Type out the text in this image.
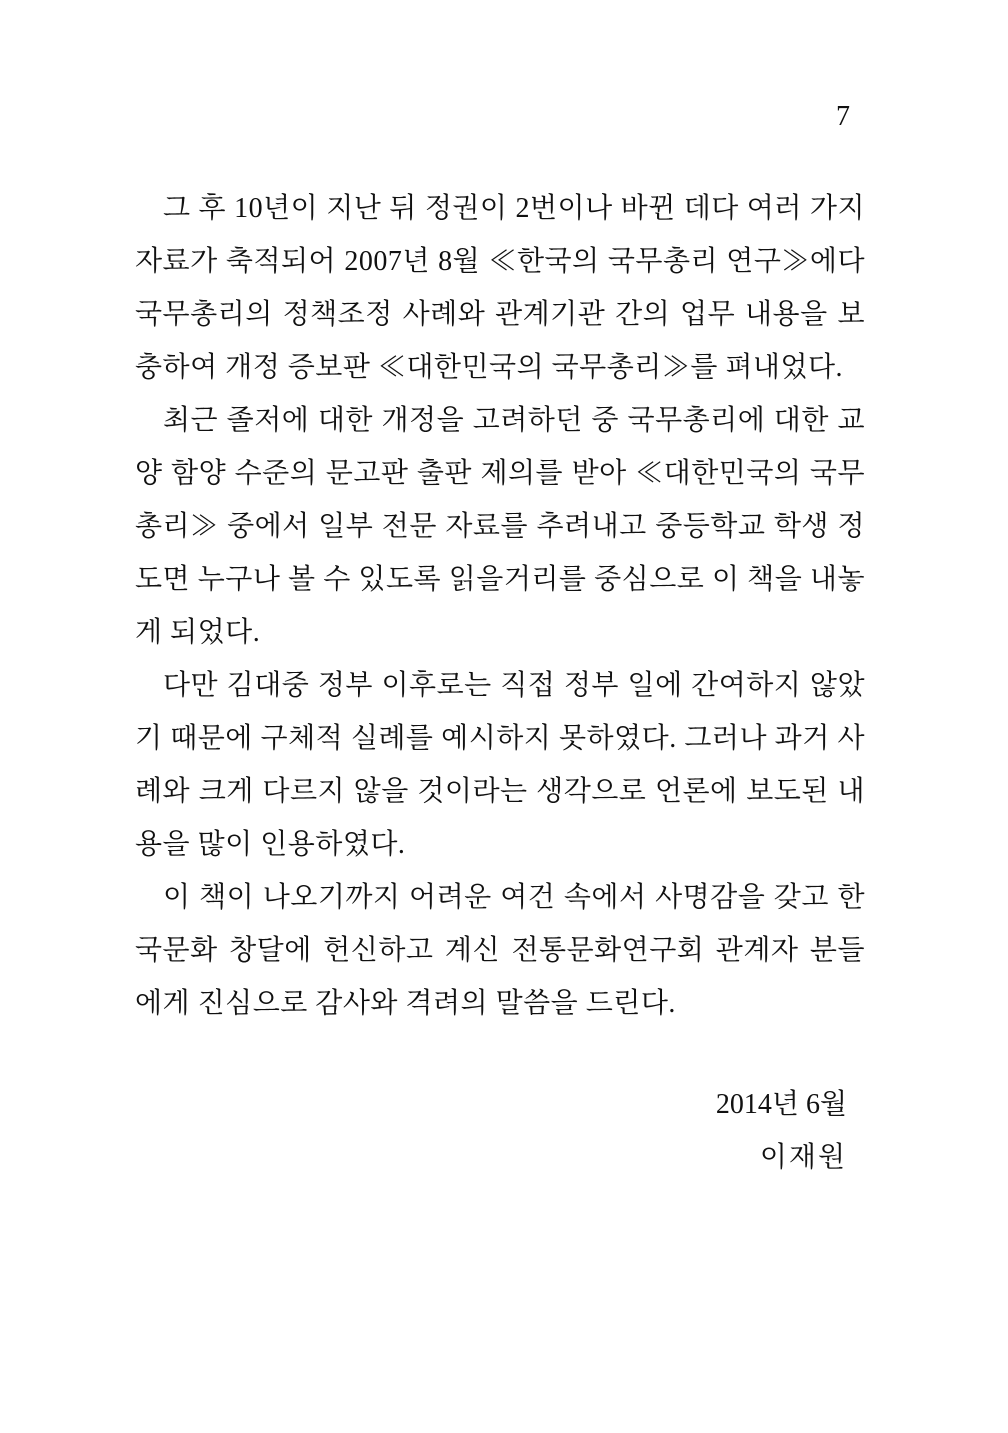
7

그 후 10년이 지난 뒤 정권이 2번이나 바뀐 데다 여러 가지 자료가 축적되어 2007년 8월 ≪한국의 국무총리 연구≫에다 국무총리의 정책조정 사례와 관계기관 간의 업무 내용을 보충하여 개정 증보판 ≪대한민국의 국무총리≫를 펴내었다.

최근 졸저에 대한 개정을 고려하던 중 국무총리에 대한 교양 함양 수준의 문고판 출판 제의를 받아 ≪대한민국의 국무총리≫ 중에서 일부 전문 자료를 추려내고 중등학교 학생 정도면 누구나 볼 수 있도록 읽을거리를 중심으로 이 책을 내놓게 되었다.

다만 김대중 정부 이후로는 직접 정부 일에 간여하지 않았기 때문에 구체적 실례를 예시하지 못하였다. 그러나 과거 사례와 크게 다르지 않을 것이라는 생각으로 언론에 보도된 내용을 많이 인용하였다.

이 책이 나오기까지 어려운 여건 속에서 사명감을 갖고 한국문화 창달에 헌신하고 계신 전통문화연구회 관계자 분들에게 진심으로 감사와 격려의 말씀을 드린다.

2014년 6월

이재원
